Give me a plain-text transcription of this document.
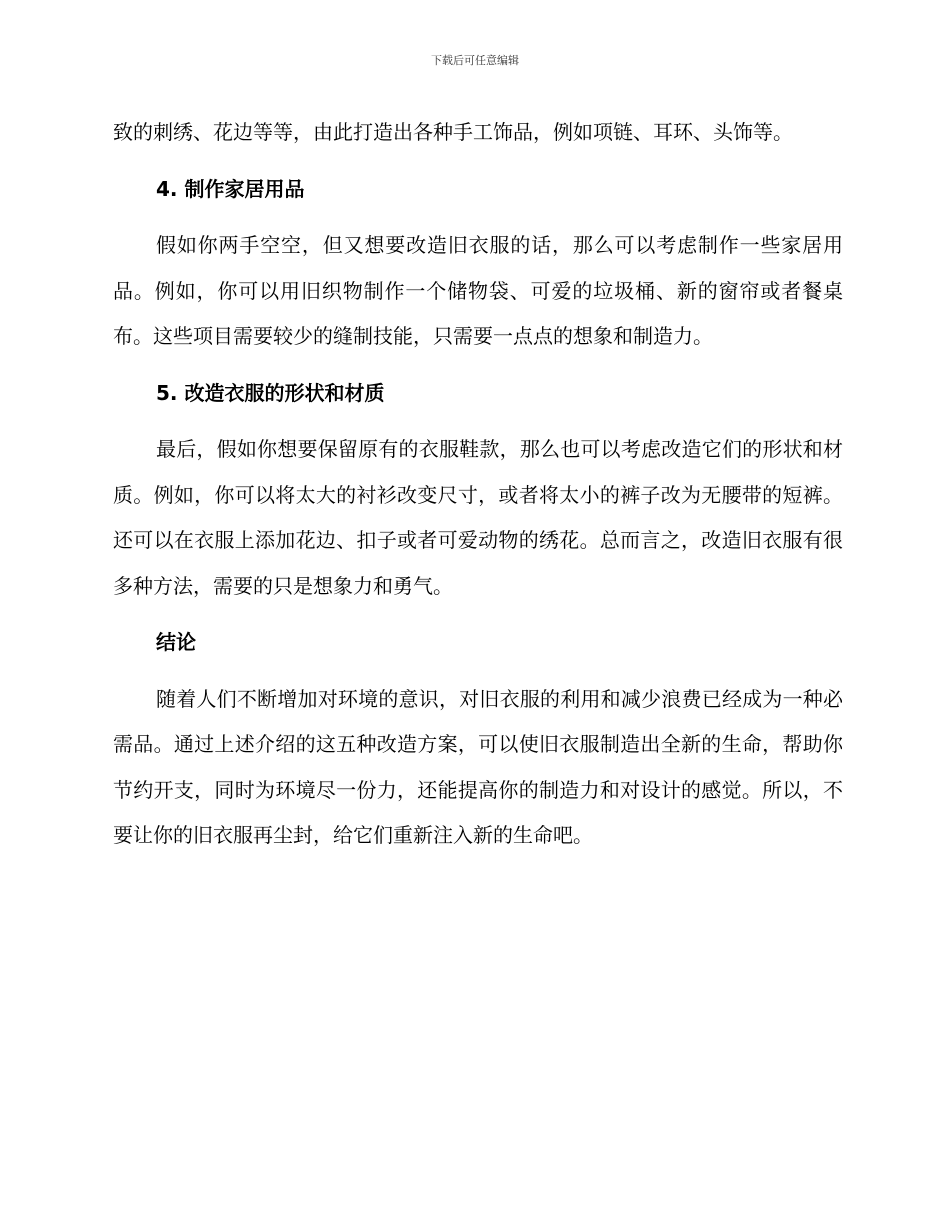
下载后可任意编辑

致的刺绣、花边等等，由此打造出各种手工饰品，例如项链、耳环、头饰等。

4. 制作家居用品

假如你两手空空，但又想要改造旧衣服的话，那么可以考虑制作一些家居用品。例如，你可以用旧织物制作一个储物袋、可爱的垃圾桶、新的窗帘或者餐桌布。这些项目需要较少的缝制技能，只需要一点点的想象和制造力。

5. 改造衣服的形状和材质

最后，假如你想要保留原有的衣服鞋款，那么也可以考虑改造它们的形状和材质。例如，你可以将太大的衬衫改变尺寸，或者将太小的裤子改为无腰带的短裤。还可以在衣服上添加花边、扣子或者可爱动物的绣花。总而言之，改造旧衣服有很多种方法，需要的只是想象力和勇气。

结论

随着人们不断增加对环境的意识，对旧衣服的利用和减少浪费已经成为一种必需品。通过上述介绍的这五种改造方案，可以使旧衣服制造出全新的生命，帮助你节约开支，同时为环境尽一份力，还能提高你的制造力和对设计的感觉。所以，不要让你的旧衣服再尘封，给它们重新注入新的生命吧。
